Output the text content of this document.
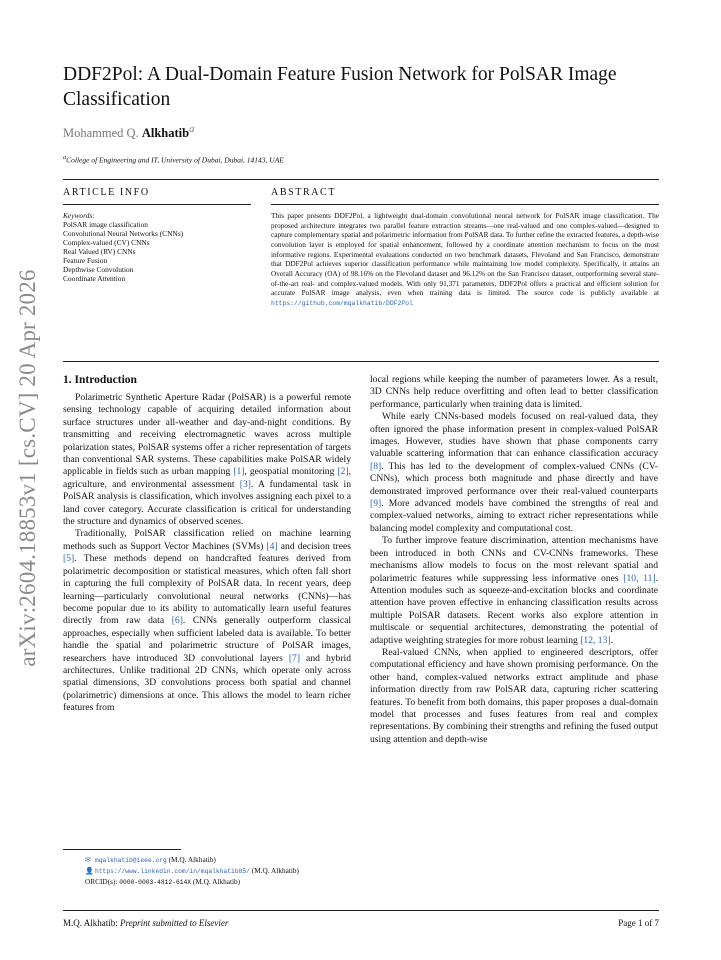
arXiv:2604.18853v1 [cs.CV] 20 Apr 2026
DDF2Pol: A Dual-Domain Feature Fusion Network for PolSAR Image Classification
Mohammed Q. Alkhatib$^a$
$^a$College of Engineering and IT, University of Dubai, Dubai, 14143, UAE
ARTICLE INFO	ABSTRACT
Keywords:
PolSAR image classification
Convolutional Neural Networks (CNNs)
Complex-valued (CV) CNNs
Real Valued (RV) CNNs
Feature Fusion
Depthwise Convolution
Coordinate Attention

This paper presents DDF2Pol, a lightweight dual-domain convolutional neural network for PolSAR image classification. The proposed architecture integrates two parallel feature extraction streams—one real-valued and one complex-valued—designed to capture complementary spatial and polarimetric information from PolSAR data. To further refine the extracted features, a depth-wise convolution layer is employed for spatial enhancement, followed by a coordinate attention mechanism to focus on the most informative regions. Experimental evaluations conducted on two benchmark datasets, Flevoland and San Francisco, demonstrate that DDF2Pol achieves superior classification performance while maintaining low model complexity. Specifically, it attains an Overall Accuracy (OA) of 98.16% on the Flevoland dataset and 96.12% on the San Francisco dataset, outperforming several state-of-the-art real- and complex-valued models. With only 91,371 parameters, DDF2Pol offers a practical and efficient solution for accurate PolSAR image analysis, even when training data is limited. The source code is publicly available at https://github.com/mqalkhatib/DDF2Pol

1. Introduction

Polarimetric Synthetic Aperture Radar (PolSAR) is a powerful remote sensing technology capable of acquiring detailed information about surface structures under all-weather and day-and-night conditions. By transmitting and receiving electromagnetic waves across multiple polarization states, PolSAR systems offer a richer representation of targets than conventional SAR systems. These capabilities make PolSAR widely applicable in fields such as urban mapping [1], geospatial monitoring [2], agriculture, and environmental assessment [3]. A fundamental task in PolSAR analysis is classification, which involves assigning each pixel to a land cover category. Accurate classification is critical for understanding the structure and dynamics of observed scenes.

Traditionally, PolSAR classification relied on machine learning methods such as Support Vector Machines (SVMs) [4] and decision trees [5]. These methods depend on handcrafted features derived from polarimetric decomposition or statistical measures, which often fall short in capturing the full complexity of PolSAR data. In recent years, deep learning—particularly convolutional neural networks (CNNs)—has become popular due to its ability to automatically learn useful features directly from raw data [6]. CNNs generally outperform classical approaches, especially when sufficient labeled data is available. To better handle the spatial and polarimetric structure of PolSAR images, researchers have introduced 3D convolutional layers [7] and hybrid architectures. Unlike traditional 2D CNNs, which operate only across spatial dimensions, 3D convolutions process both spatial and channel (polarimetric) dimensions at once. This allows the model to learn richer features from

local regions while keeping the number of parameters lower. As a result, 3D CNNs help reduce overfitting and often lead to better classification performance, particularly when training data is limited.

While early CNNs-based models focused on real-valued data, they often ignored the phase information present in complex-valued PolSAR images. However, studies have shown that phase components carry valuable scattering information that can enhance classification accuracy [8]. This has led to the development of complex-valued CNNs (CV-CNNs), which process both magnitude and phase directly and have demonstrated improved performance over their real-valued counterparts [9]. More advanced models have combined the strengths of real and complex-valued networks, aiming to extract richer representations while balancing model complexity and computational cost.

To further improve feature discrimination, attention mechanisms have been introduced in both CNNs and CV-CNNs frameworks. These mechanisms allow models to focus on the most relevant spatial and polarimetric features while suppressing less informative ones [10, 11]. Attention modules such as squeeze-and-excitation blocks and coordinate attention have proven effective in enhancing classification results across multiple PolSAR datasets. Recent works also explore attention in multiscale or sequential architectures, demonstrating the potential of adaptive weighting strategies for more robust learning [12, 13].

Real-valued CNNs, when applied to engineered descriptors, offer computational efficiency and have shown promising performance. On the other hand, complex-valued networks extract amplitude and phase information directly from raw PolSAR data, capturing richer scattering features. To benefit from both domains, this paper proposes a dual-domain model that processes and fuses features from real and complex representations. By combining their strengths and refining the fused output using attention and depth-wise

✉ mqalkhatib@ieee.org (M.Q. Alkhatib)
👤https://www.linkedin.com/in/mqalkhatib85/ (M.Q. Alkhatib)
ORCID(s): 0000-0003-4812-614X (M.Q. Alkhatib)
M.Q. Alkhatib: Preprint submitted to Elsevier	Page 1 of 7
